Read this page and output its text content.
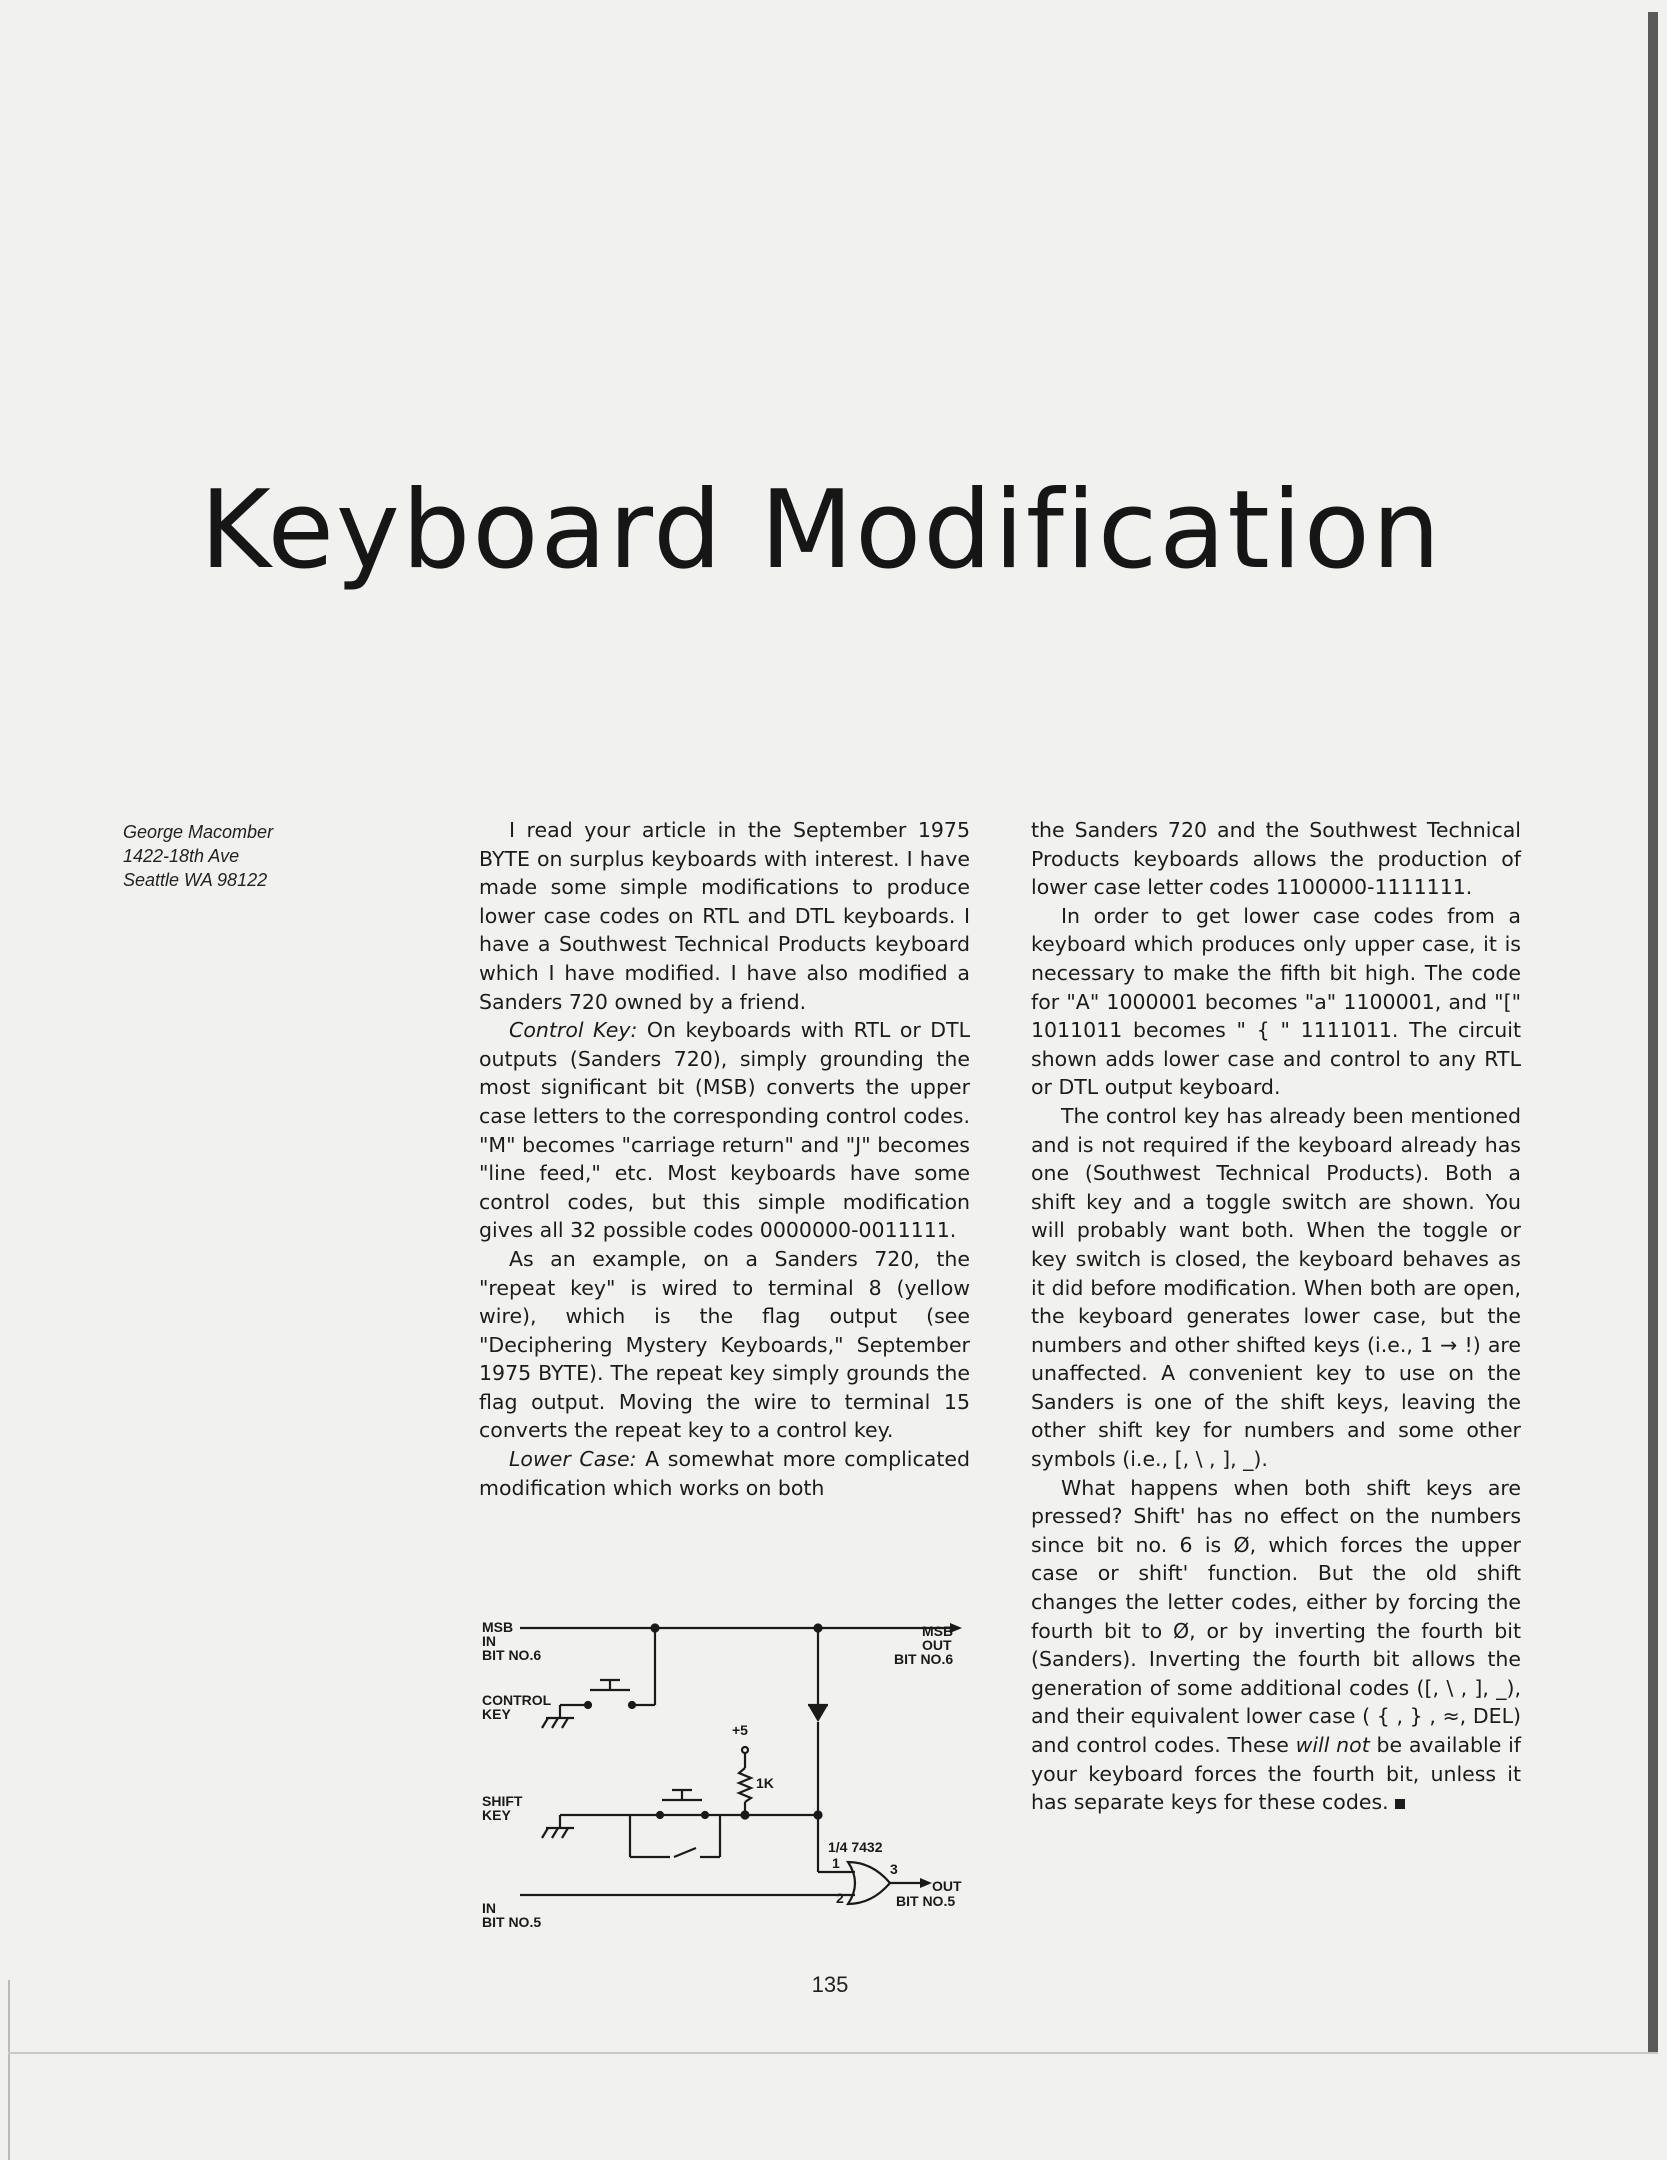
Keyboard Modification
George Macomber
1422-18th Ave
Seattle WA 98122

I read your article in the September 1975 BYTE on surplus keyboards with interest. I have made some simple modifications to produce lower case codes on RTL and DTL keyboards. I have a Southwest Technical Products keyboard which I have modified. I have also modified a Sanders 720 owned by a friend.

Control Key: On keyboards with RTL or DTL outputs (Sanders 720), simply grounding the most significant bit (MSB) converts the upper case letters to the corresponding control codes. "M" becomes "carriage return" and "J" becomes "line feed," etc. Most keyboards have some control codes, but this simple modification gives all 32 possible codes 0000000-0011111.

As an example, on a Sanders 720, the "repeat key" is wired to terminal 8 (yellow wire), which is the flag output (see "Deciphering Mystery Keyboards," September 1975 BYTE). The repeat key simply grounds the flag output. Moving the wire to terminal 15 converts the repeat key to a control key.

Lower Case: A somewhat more complicated modification which works on both

the Sanders 720 and the Southwest Technical Products keyboards allows the production of lower case letter codes 1100000-1111111.

In order to get lower case codes from a keyboard which produces only upper case, it is necessary to make the fifth bit high. The code for "A" 1000001 becomes "a" 1100001, and "[" 1011011 becomes " { " 1111011. The circuit shown adds lower case and control to any RTL or DTL output keyboard.

The control key has already been mentioned and is not required if the keyboard already has one (Southwest Technical Products). Both a shift key and a toggle switch are shown. You will probably want both. When the toggle or key switch is closed, the keyboard behaves as it did before modification. When both are open, the keyboard generates lower case, but the numbers and other shifted keys (i.e., 1 → !) are unaffected. A convenient key to use on the Sanders is one of the shift keys, leaving the other shift key for numbers and some other symbols (i.e., [, \ , ], _).

What happens when both shift keys are pressed? Shift' has no effect on the numbers since bit no. 6 is Ø, which forces the upper case or shift' function. But the old shift changes the letter codes, either by forcing the fourth bit to Ø, or by inverting the fourth bit (Sanders). Inverting the fourth bit allows the generation of some additional codes ([, \ , ], _), and their equivalent lower case ( { , } , ≈, DEL) and control codes. These will not be available if your keyboard forces the fourth bit, unless it has separate keys for these codes.

MSB
IN
BIT NO.6
MSB
OUT
BIT NO.6
CONTROL
KEY
SHIFT
KEY
+5
1K
1/4 7432
1
2
3
IN
BIT NO.5
OUT
BIT NO.5
135
